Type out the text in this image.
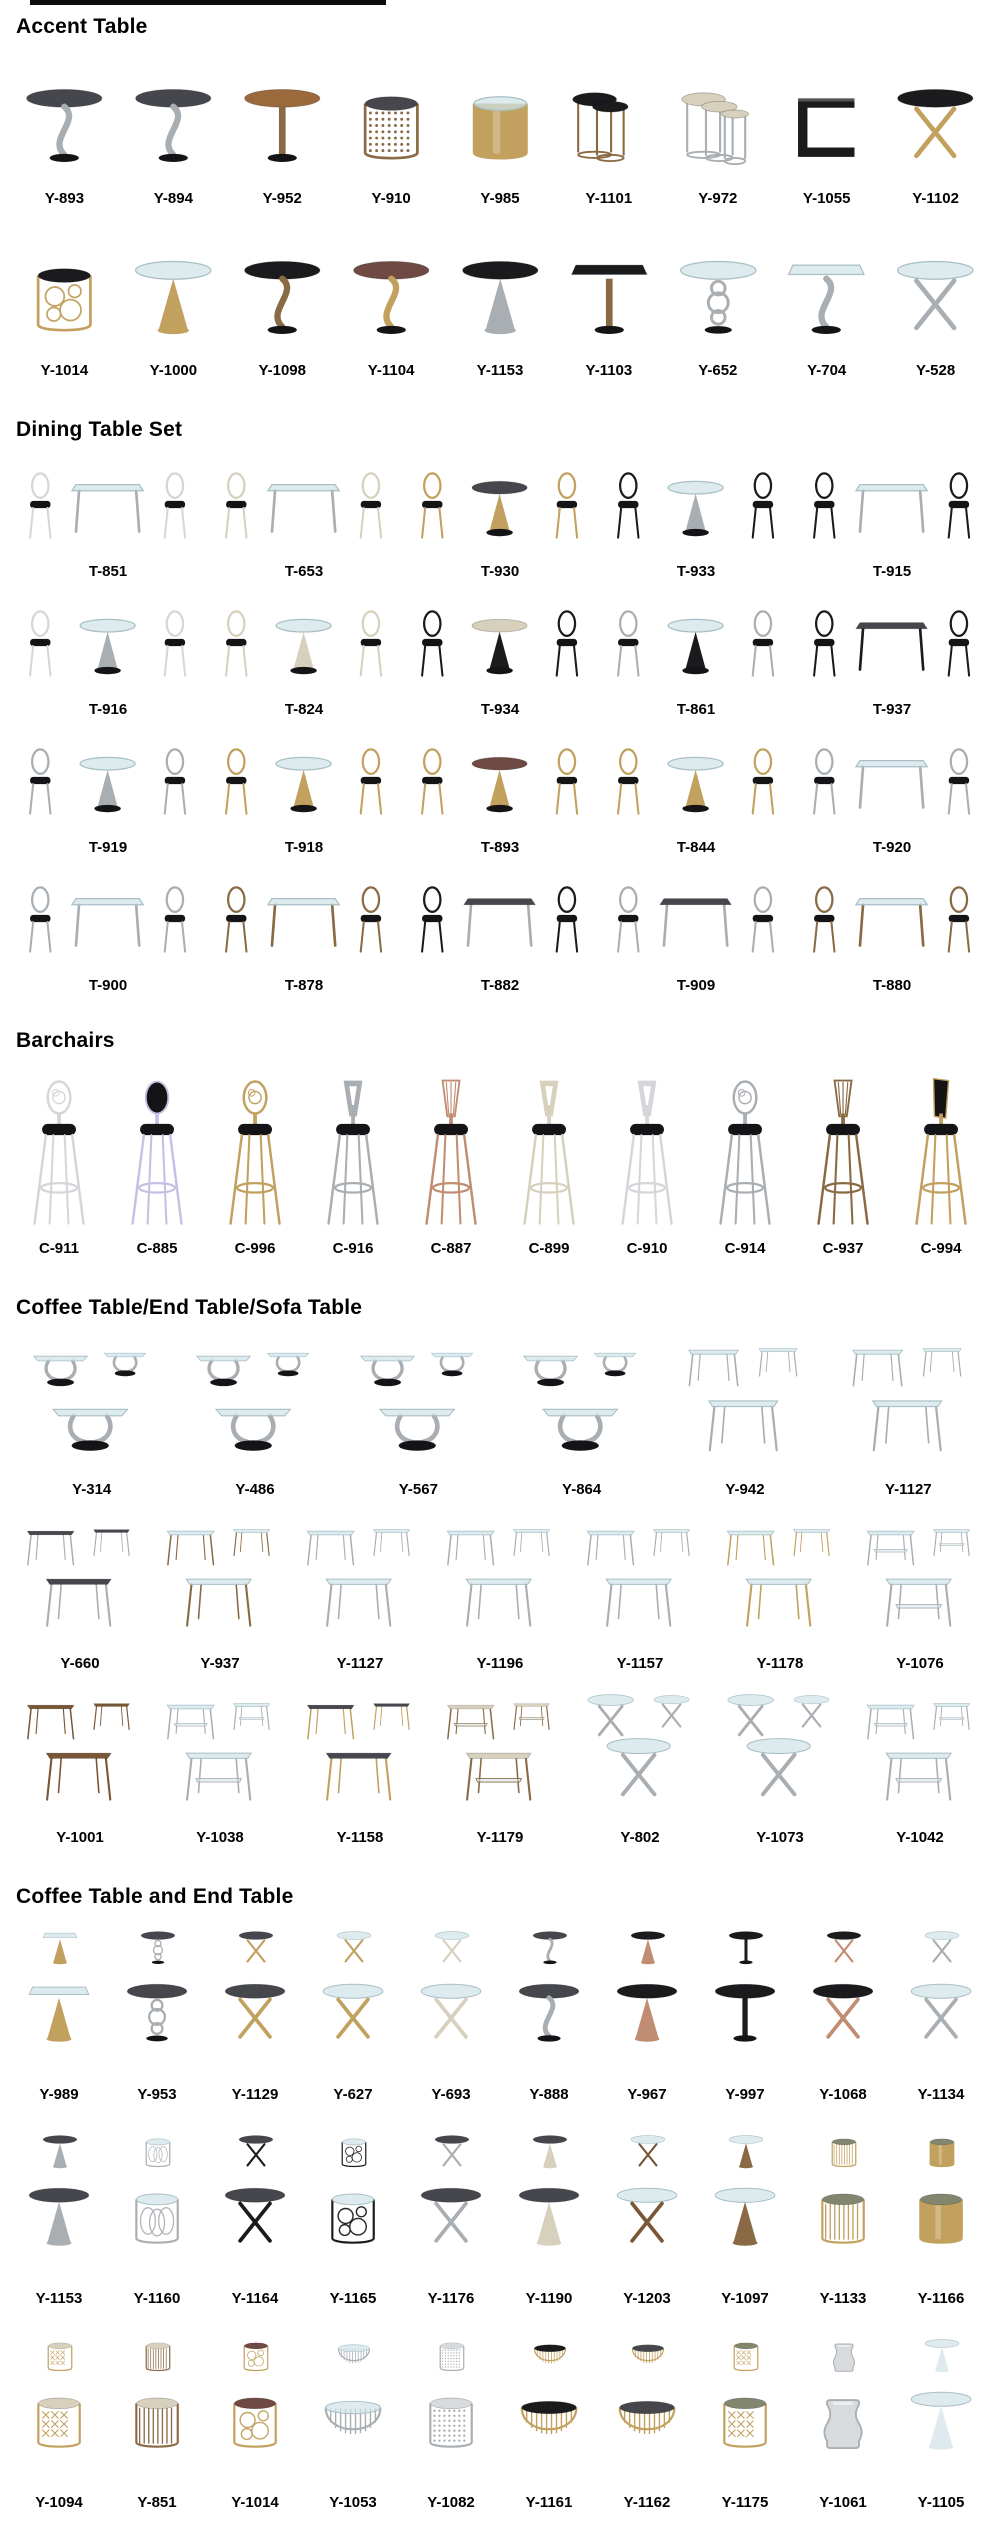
Accent Table
Y-893	Y-894	Y-952	Y-910	Y-985	Y-1101	Y-972	Y-1055	Y-1102
Y-1014	Y-1000	Y-1098	Y-1104	Y-1153	Y-1103	Y-652	Y-704	Y-528
Dining Table Set
T-851	T-653	T-930	T-933	T-915
T-916	T-824	T-934	T-861	T-937
T-919	T-918	T-893	T-844	T-920
T-900	T-878	T-882	T-909	T-880
Barchairs
C-911	C-885	C-996	C-916	C-887	C-899	C-910	C-914	C-937	C-994
Coffee Table/End Table/Sofa Table
Y-314	Y-486	Y-567	Y-864	Y-942	Y-1127
Y-660	Y-937	Y-1127	Y-1196	Y-1157	Y-1178	Y-1076
Y-1001	Y-1038	Y-1158	Y-1179	Y-802	Y-1073	Y-1042
Coffee Table and End Table
Y-989	Y-953	Y-1129	Y-627	Y-693	Y-888	Y-967	Y-997	Y-1068	Y-1134
Y-1153	Y-1160	Y-1164	Y-1165	Y-1176	Y-1190	Y-1203	Y-1097	Y-1133	Y-1166
Y-1094	Y-851	Y-1014	Y-1053	Y-1082	Y-1161	Y-1162	Y-1175	Y-1061	Y-1105
